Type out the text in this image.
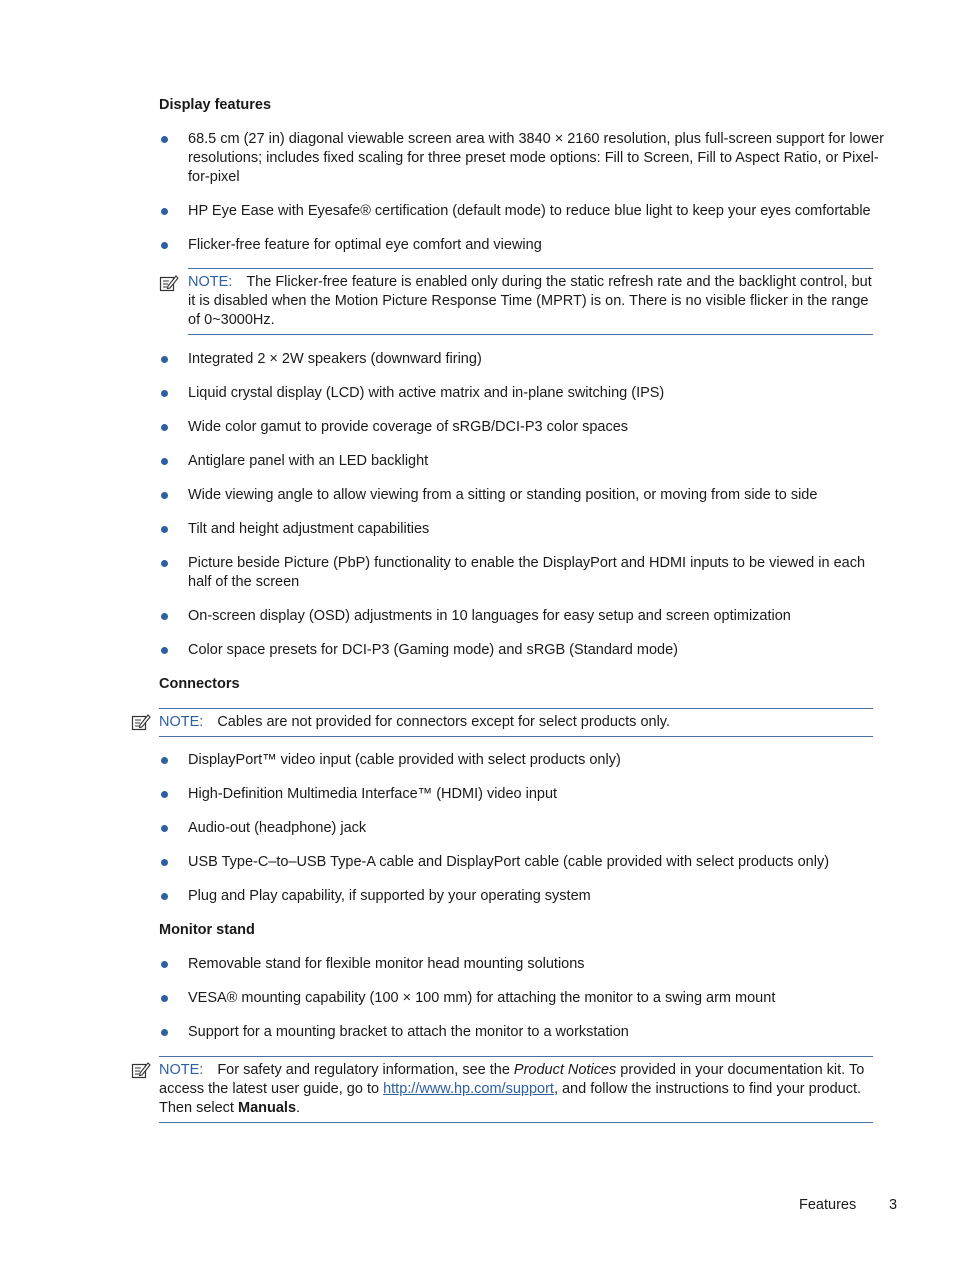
Display features
68.5 cm (27 in) diagonal viewable screen area with 3840 × 2160 resolution, plus full-screen support for lower resolutions; includes fixed scaling for three preset mode options: Fill to Screen, Fill to Aspect Ratio, or Pixel-for-pixel
HP Eye Ease with Eyesafe® certification (default mode) to reduce blue light to keep your eyes comfortable
Flicker-free feature for optimal eye comfort and viewing
NOTE: The Flicker-free feature is enabled only during the static refresh rate and the backlight control, but it is disabled when the Motion Picture Response Time (MPRT) is on. There is no visible flicker in the range of 0~3000Hz.
Integrated 2 × 2W speakers (downward firing)
Liquid crystal display (LCD) with active matrix and in-plane switching (IPS)
Wide color gamut to provide coverage of sRGB/DCI-P3 color spaces
Antiglare panel with an LED backlight
Wide viewing angle to allow viewing from a sitting or standing position, or moving from side to side
Tilt and height adjustment capabilities
Picture beside Picture (PbP) functionality to enable the DisplayPort and HDMI inputs to be viewed in each half of the screen
On-screen display (OSD) adjustments in 10 languages for easy setup and screen optimization
Color space presets for DCI-P3 (Gaming mode) and sRGB (Standard mode)
Connectors
NOTE: Cables are not provided for connectors except for select products only.
DisplayPort™ video input (cable provided with select products only)
High-Definition Multimedia Interface™ (HDMI) video input
Audio-out (headphone) jack
USB Type-C–to–USB Type-A cable and DisplayPort cable (cable provided with select products only)
Plug and Play capability, if supported by your operating system
Monitor stand
Removable stand for flexible monitor head mounting solutions
VESA® mounting capability (100 × 100 mm) for attaching the monitor to a swing arm mount
Support for a mounting bracket to attach the monitor to a workstation
NOTE: For safety and regulatory information, see the Product Notices provided in your documentation kit. To access the latest user guide, go to http://www.hp.com/support, and follow the instructions to find your product. Then select Manuals.
Features 3
